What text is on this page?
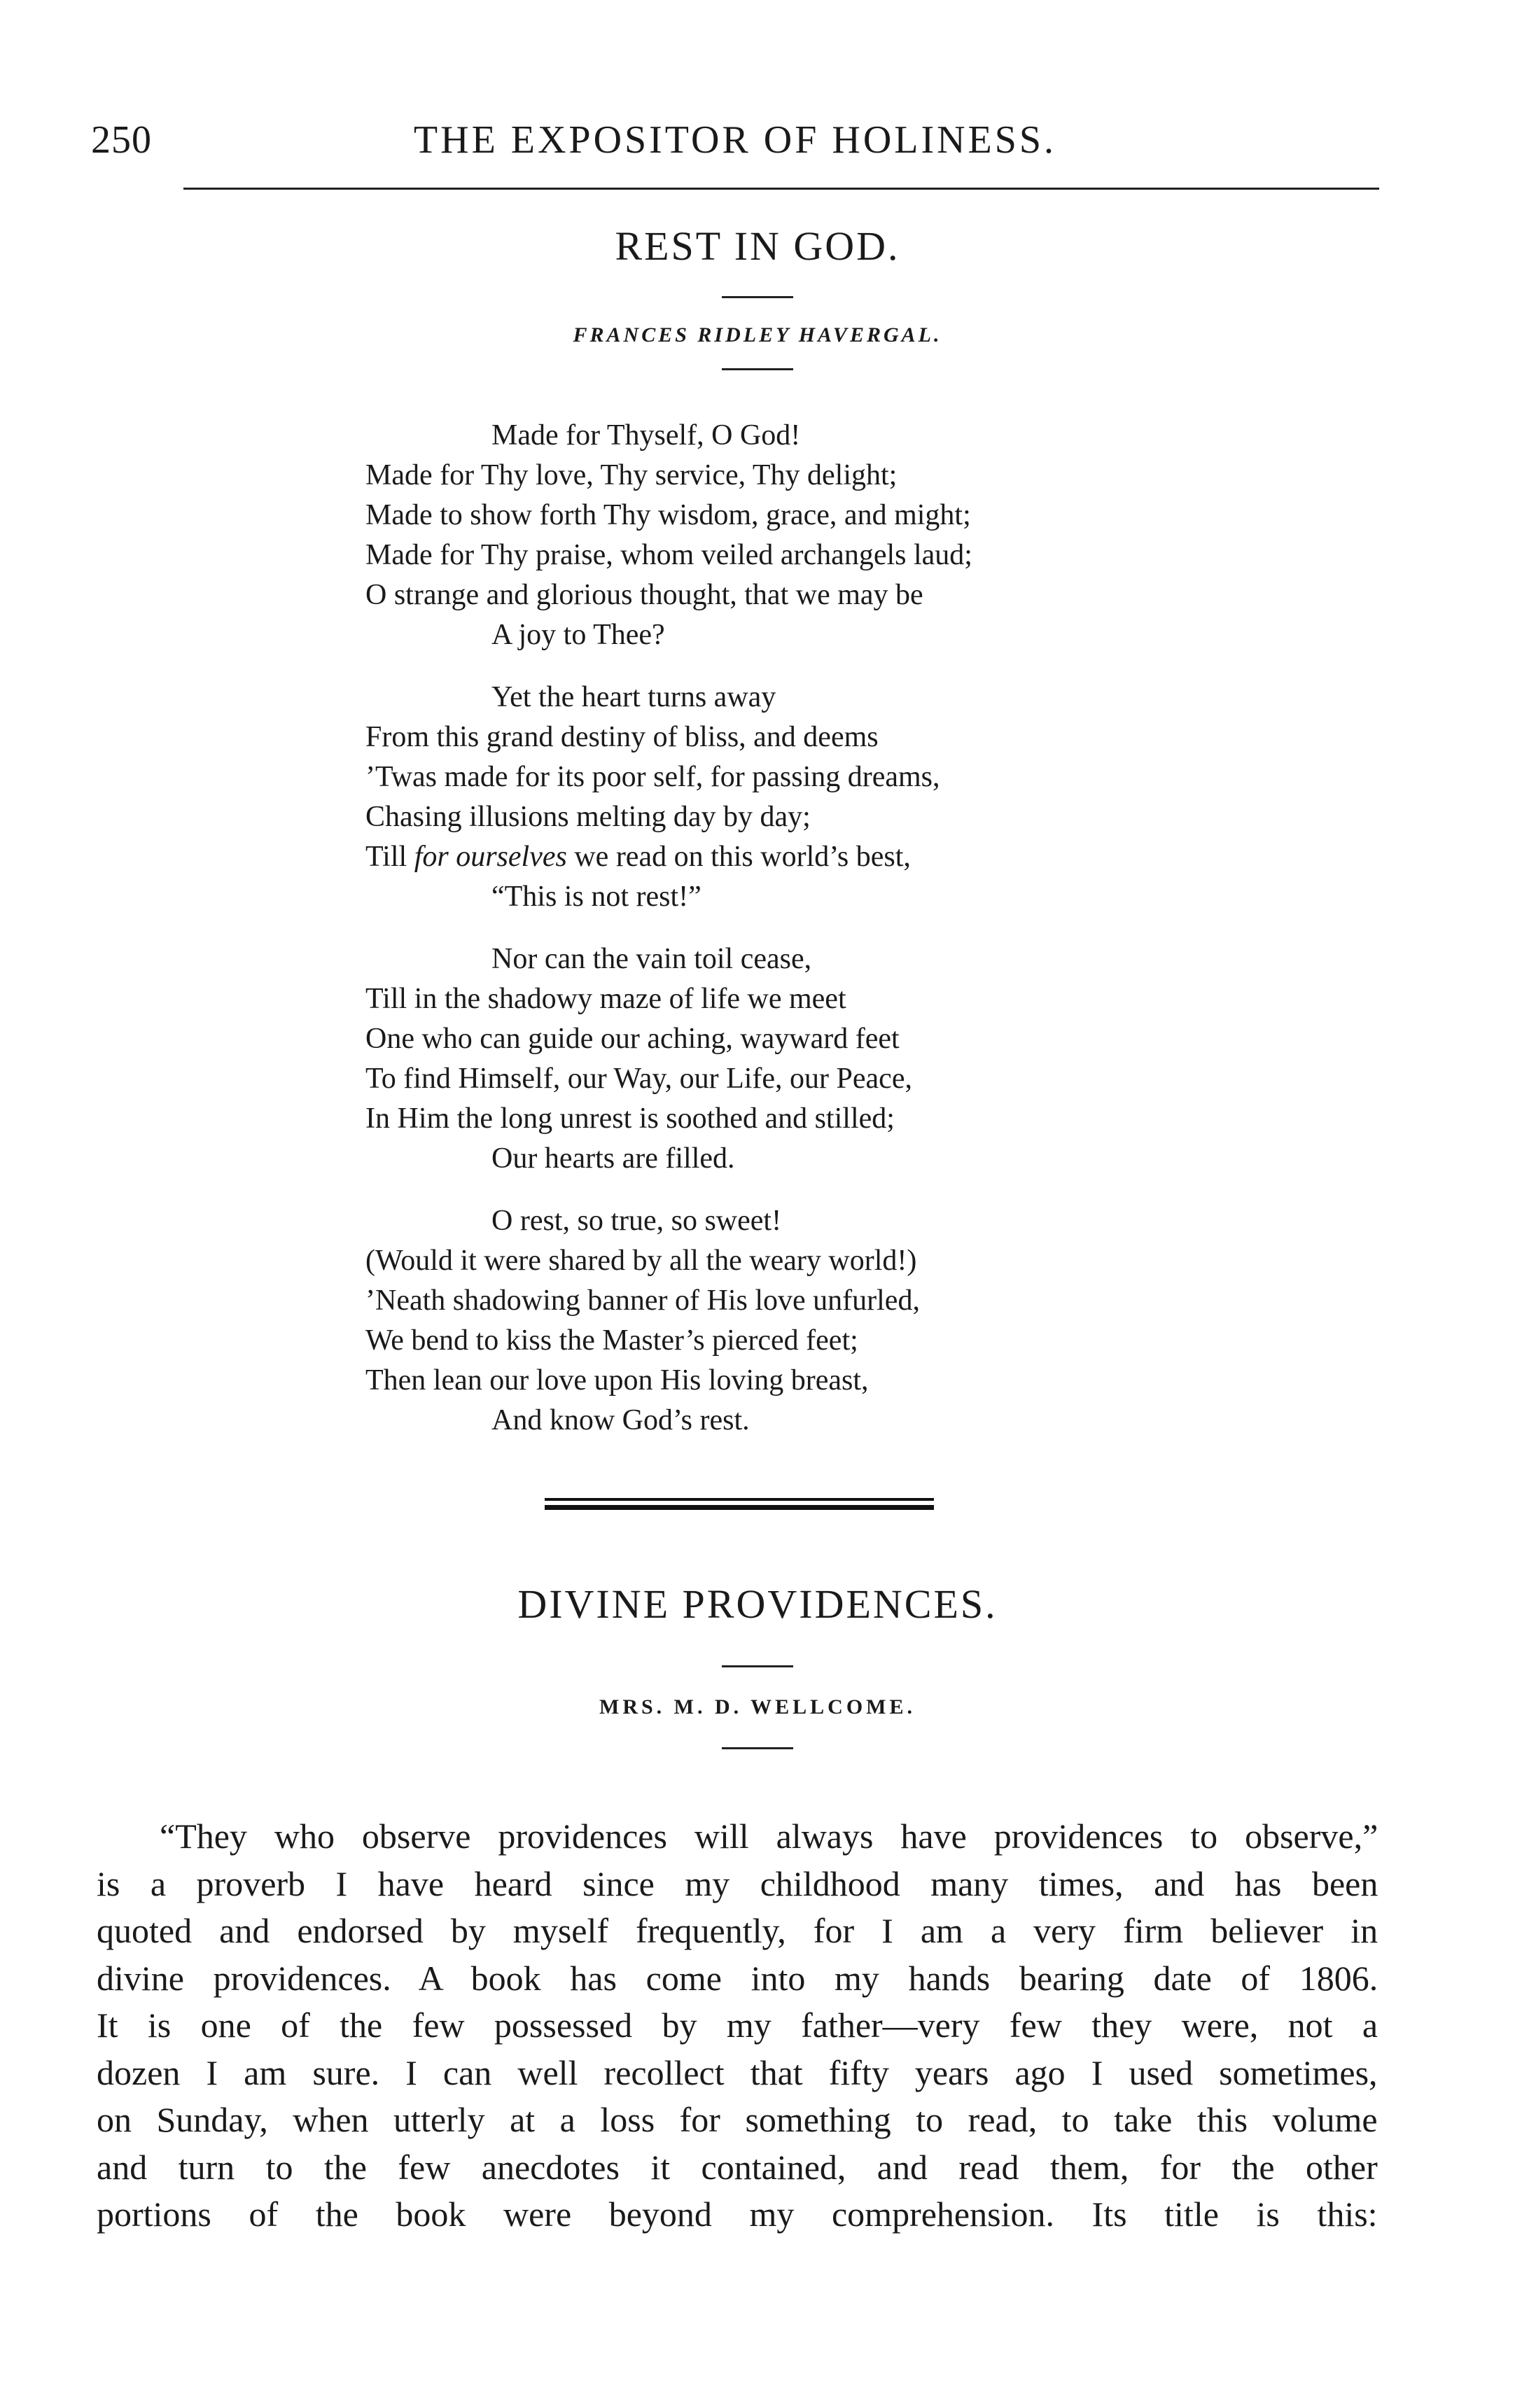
THE EXPOSITOR OF HOLINESS.
250
REST IN GOD.

FRANCES RIDLEY HAVERGAL.

Made for Thyself, O God!
Made for Thy love, Thy service, Thy delight;
Made to show forth Thy wisdom, grace, and might;
Made for Thy praise, whom veiled archangels laud;
O strange and glorious thought, that we may be
A joy to Thee?
Yet the heart turns away
From this grand destiny of bliss, and deems
’Twas made for its poor self, for passing dreams,
Chasing illusions melting day by day;
Till for ourselves we read on this world’s best,
“This is not rest!”
Nor can the vain toil cease,
Till in the shadowy maze of life we meet
One who can guide our aching, wayward feet
To find Himself, our Way, our Life, our Peace,
In Him the long unrest is soothed and stilled;
Our hearts are filled.
O rest, so true, so sweet!
(Would it were shared by all the weary world!)
’Neath shadowing banner of His love unfurled,
We bend to kiss the Master’s pierced feet;
Then lean our love upon His loving breast,
And know God’s rest.
DIVINE PROVIDENCES.

MRS. M. D. WELLCOME.

“They who observe providences will always have providences to observe,”
is a proverb I have heard since my childhood many times, and has been
quoted and endorsed by myself frequently, for I am a very firm believer in
divine providences. A book has come into my hands bearing date of 1806.
It is one of the few possessed by my father—very few they were, not a
dozen I am sure. I can well recollect that fifty years ago I used sometimes,
on Sunday, when utterly at a loss for something to read, to take this volume
and turn to the few anecdotes it contained, and read them, for the other
portions of the book were beyond my comprehension. Its title is this:
